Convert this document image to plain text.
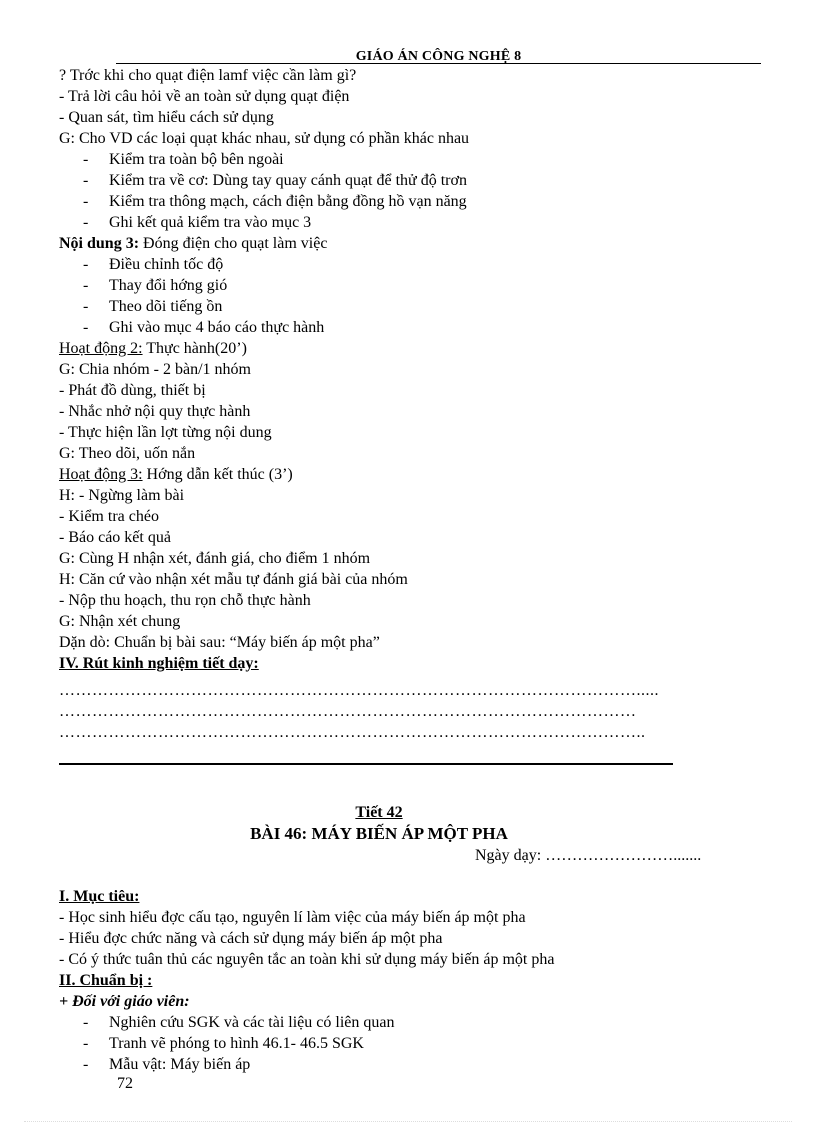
GIÁO ÁN CÔNG NGHỆ 8
? Trớc khi cho quạt điện lamf việc cần làm gì?
- Trả lời câu hỏi về an toàn sử dụng quạt điện
- Quan sát, tìm hiểu cách sử dụng
G: Cho VD các loại quạt khác nhau, sử dụng có phần khác nhau
- Kiểm tra toàn bộ bên ngoài
- Kiểm tra về cơ: Dùng tay quay cánh quạt để thử độ trơn
- Kiểm tra thông mạch, cách điện bằng đồng hồ vạn năng
- Ghi kết quả kiểm tra vào mục 3
Nội dung 3: Đóng điện cho quạt làm việc
- Điều chỉnh tốc độ
- Thay đổi hớng gió
- Theo dõi tiếng ồn
- Ghi vào mục 4 báo cáo thực hành
Hoạt động 2: Thực hành(20’)
G: Chia nhóm - 2 bàn/1 nhóm
- Phát đồ dùng, thiết bị
- Nhắc nhở nội quy thực hành
- Thực hiện lần lợt từng nội dung
G: Theo dõi, uốn nắn
Hoạt động 3: Hớng dẫn kết thúc (3’)
H: - Ngừng làm bài
- Kiểm tra chéo
- Báo cáo kết quả
G: Cùng H nhận xét, đánh giá, cho điểm 1 nhóm
H: Căn cứ vào nhận xét mẫu tự đánh giá bài của nhóm
- Nộp thu hoạch, thu rọn chỗ thực hành
G: Nhận xét chung
Dặn dò: Chuẩn bị bài sau: “Máy biến áp một pha”
IV. Rút kinh nghiệm tiết dạy:
…………………………………………………………………………………………….....
……………………………………………………………………………………………
……………………………………………………………………………………………..
Tiết 42
BÀI 46: MÁY BIẾN ÁP MỘT PHA
Ngày dạy: …………………….......
I. Mục tiêu:
- Học sinh hiểu đợc cấu tạo, nguyên lí làm việc của máy biến áp một pha
- Hiểu đợc chức năng và cách sử dụng máy biến áp một pha
- Có ý thức tuân thủ các nguyên tắc an toàn khi sử dụng máy biến áp một pha
II. Chuẩn bị :
+ Đối với giáo viên:
- Nghiên cứu SGK và các tài liệu có liên quan
- Tranh vẽ phóng to hình 46.1- 46.5 SGK
- Mẫu vật: Máy biến áp
72
